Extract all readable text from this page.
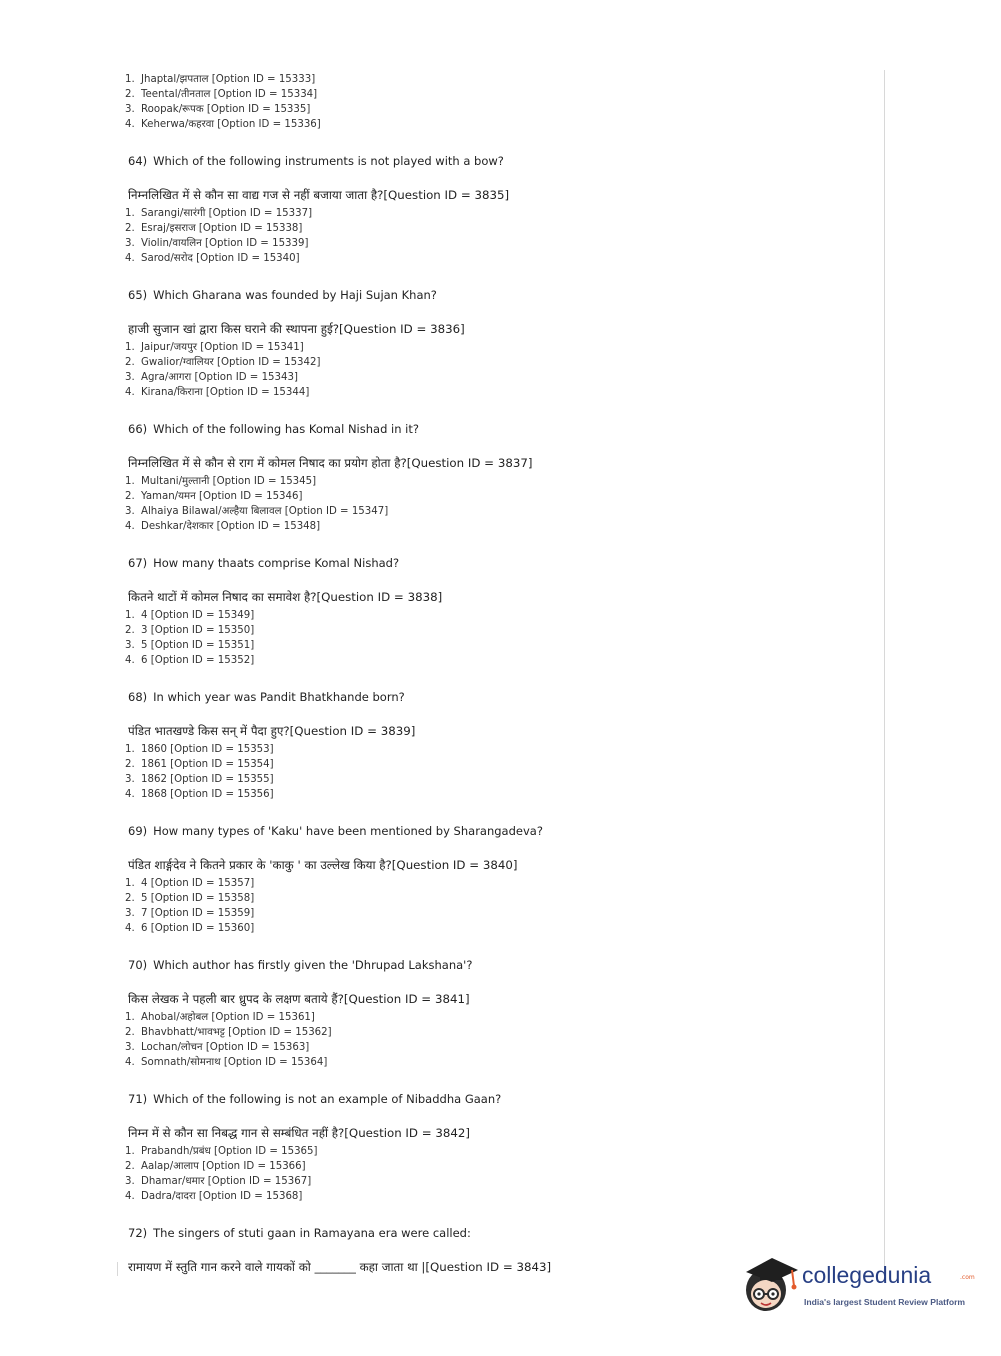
1. Jhaptal/झपताल [Option ID = 15333]
2. Teental/तीनताल [Option ID = 15334]
3. Roopak/रूपक [Option ID = 15335]
4. Keherwa/कहरवा [Option ID = 15336]
64) Which of the following instruments is not played with a bow?
निम्नलिखित में से कौन सा वाद्य गज से नहीं बजाया जाता है?[Question ID = 3835]
1. Sarangi/सारंगी [Option ID = 15337]
2. Esraj/इसराज [Option ID = 15338]
3. Violin/वायलिन [Option ID = 15339]
4. Sarod/सरोद [Option ID = 15340]
65) Which Gharana was founded by Haji Sujan Khan?
हाजी सुजान खां द्वारा किस घराने की स्थापना हुई?[Question ID = 3836]
1. Jaipur/जयपुर [Option ID = 15341]
2. Gwalior/ग्वालियर [Option ID = 15342]
3. Agra/आगरा [Option ID = 15343]
4. Kirana/किराना [Option ID = 15344]
66) Which of the following has Komal Nishad in it?
निम्नलिखित में से कौन से राग में कोमल निषाद का प्रयोग होता है?[Question ID = 3837]
1. Multani/मुल्तानी [Option ID = 15345]
2. Yaman/यमन [Option ID = 15346]
3. Alhaiya Bilawal/अल्हैया बिलावल [Option ID = 15347]
4. Deshkar/देशकार [Option ID = 15348]
67) How many thaats comprise Komal Nishad?
कितने थाटों में कोमल निषाद का समावेश है?[Question ID = 3838]
1. 4 [Option ID = 15349]
2. 3 [Option ID = 15350]
3. 5 [Option ID = 15351]
4. 6 [Option ID = 15352]
68) In which year was Pandit Bhatkhande born?
पंडित भातखण्डे किस सन् में पैदा हुए?[Question ID = 3839]
1. 1860 [Option ID = 15353]
2. 1861 [Option ID = 15354]
3. 1862 [Option ID = 15355]
4. 1868 [Option ID = 15356]
69) How many types of 'Kaku' have been mentioned by Sharangadeva?
पंडित शार्ङ्गदेव ने कितने प्रकार के 'काकु ' का उल्लेख किया है?[Question ID = 3840]
1. 4 [Option ID = 15357]
2. 5 [Option ID = 15358]
3. 7 [Option ID = 15359]
4. 6 [Option ID = 15360]
70) Which author has firstly given the 'Dhrupad Lakshana'?
किस लेखक ने पहली बार ध्रुपद के लक्षण बताये हैं?[Question ID = 3841]
1. Ahobal/अहोबल [Option ID = 15361]
2. Bhavbhatt/भावभट्ट [Option ID = 15362]
3. Lochan/लोचन [Option ID = 15363]
4. Somnath/सोमनाथ [Option ID = 15364]
71) Which of the following is not an example of Nibaddha Gaan?
निम्न में से कौन सा निबद्ध गान से सम्बंधित नहीं है?[Question ID = 3842]
1. Prabandh/प्रबंध [Option ID = 15365]
2. Aalap/आलाप [Option ID = 15366]
3. Dhamar/धमार [Option ID = 15367]
4. Dadra/दादरा [Option ID = 15368]
72) The singers of stuti gaan in Ramayana era were called:
रामायण में स्तुति गान करने वाले गायकों को _______ कहा जाता था |[Question ID = 3843]	collegedunia	.com
India's largest Student Review Platform
